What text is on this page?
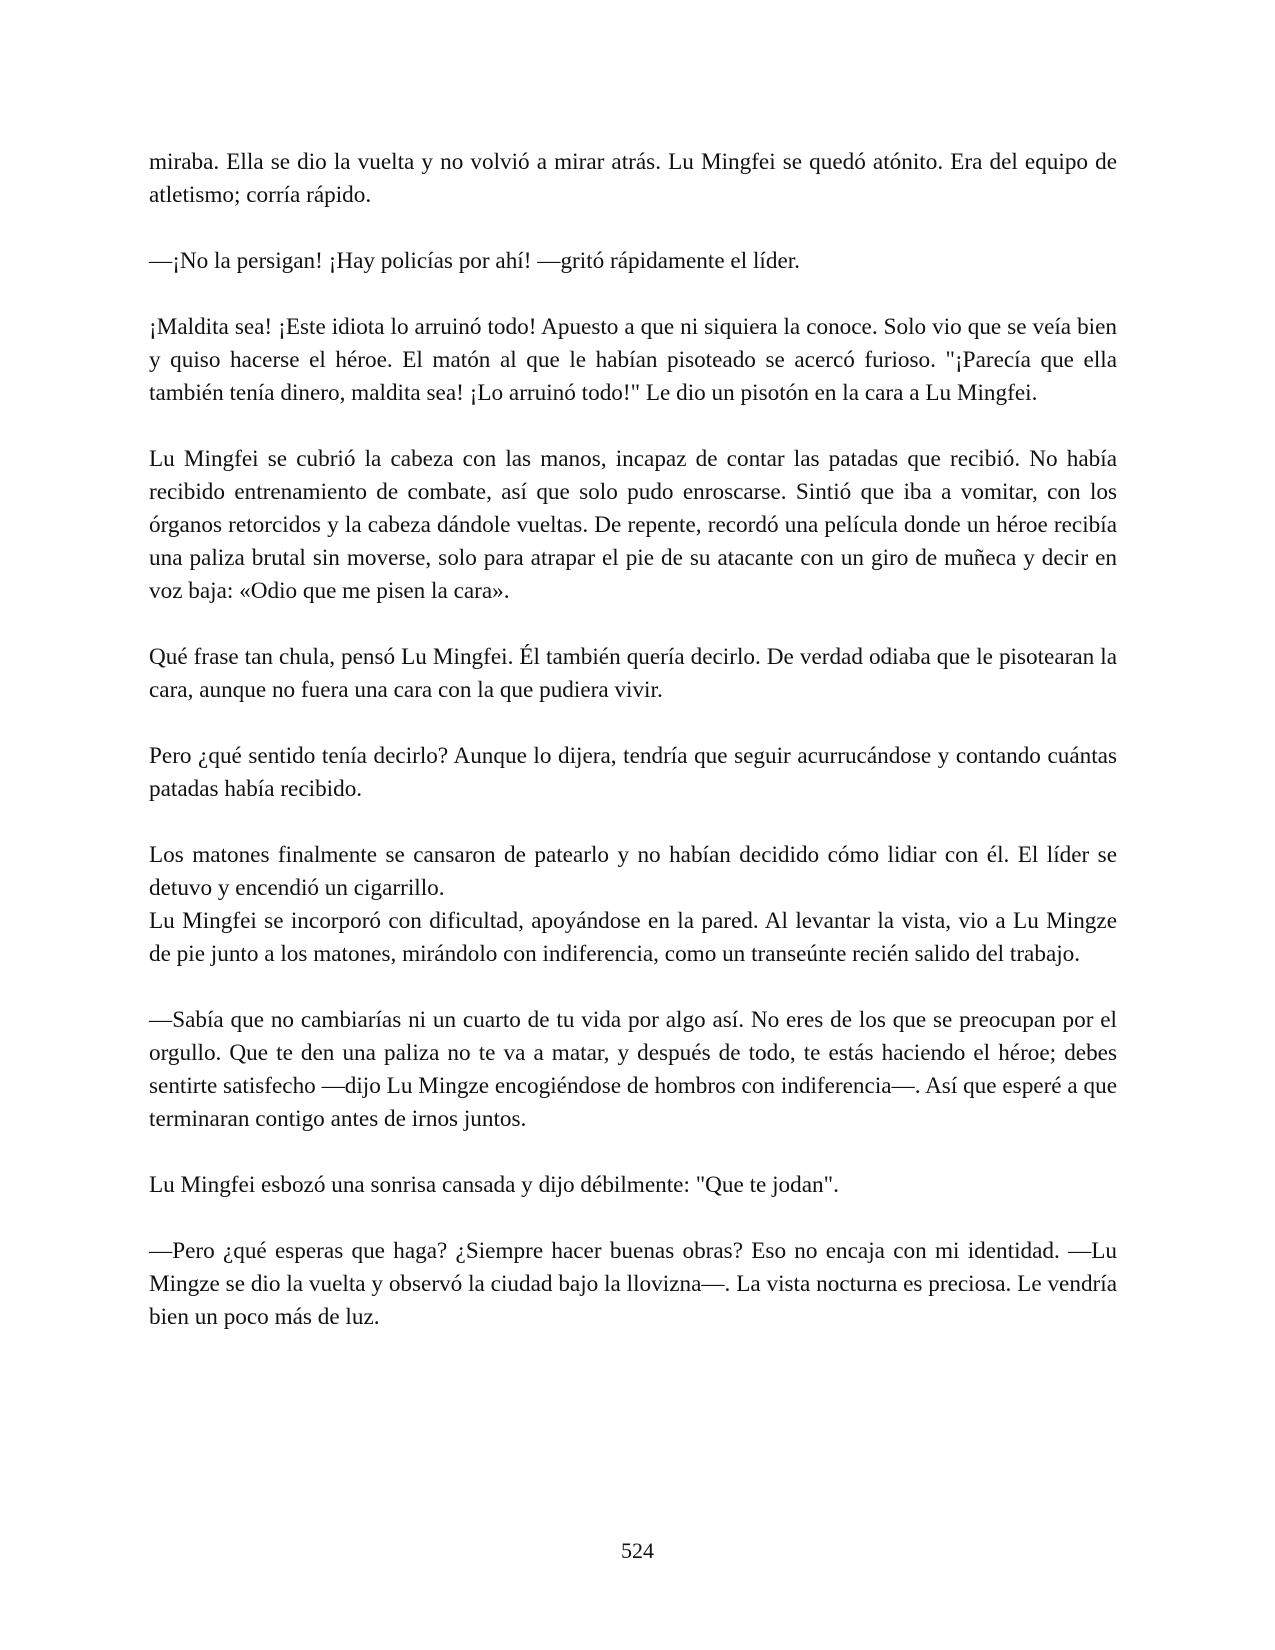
miraba. Ella se dio la vuelta y no volvió a mirar atrás. Lu Mingfei se quedó atónito. Era del equipo de atletismo; corría rápido.

—¡No la persigan! ¡Hay policías por ahí! —gritó rápidamente el líder.

¡Maldita sea! ¡Este idiota lo arruinó todo! Apuesto a que ni siquiera la conoce. Solo vio que se veía bien y quiso hacerse el héroe. El matón al que le habían pisoteado se acercó furioso. "¡Parecía que ella también tenía dinero, maldita sea! ¡Lo arruinó todo!" Le dio un pisotón en la cara a Lu Mingfei.

Lu Mingfei se cubrió la cabeza con las manos, incapaz de contar las patadas que recibió. No había recibido entrenamiento de combate, así que solo pudo enroscarse. Sintió que iba a vomitar, con los órganos retorcidos y la cabeza dándole vueltas. De repente, recordó una película donde un héroe recibía una paliza brutal sin moverse, solo para atrapar el pie de su atacante con un giro de muñeca y decir en voz baja: «Odio que me pisen la cara».

Qué frase tan chula, pensó Lu Mingfei. Él también quería decirlo. De verdad odiaba que le pisotearan la cara, aunque no fuera una cara con la que pudiera vivir.

Pero ¿qué sentido tenía decirlo? Aunque lo dijera, tendría que seguir acurrucándose y contando cuántas patadas había recibido.

Los matones finalmente se cansaron de patearlo y no habían decidido cómo lidiar con él. El líder se detuvo y encendió un cigarrillo.

Lu Mingfei se incorporó con dificultad, apoyándose en la pared. Al levantar la vista, vio a Lu Mingze de pie junto a los matones, mirándolo con indiferencia, como un transeúnte recién salido del trabajo.

—Sabía que no cambiarías ni un cuarto de tu vida por algo así. No eres de los que se preocupan por el orgullo. Que te den una paliza no te va a matar, y después de todo, te estás haciendo el héroe; debes sentirte satisfecho —dijo Lu Mingze encogiéndose de hombros con indiferencia—. Así que esperé a que terminaran contigo antes de irnos juntos.

Lu Mingfei esbozó una sonrisa cansada y dijo débilmente: "Que te jodan".

—Pero ¿qué esperas que haga? ¿Siempre hacer buenas obras? Eso no encaja con mi identidad. —Lu Mingze se dio la vuelta y observó la ciudad bajo la llovizna—. La vista nocturna es preciosa. Le vendría bien un poco más de luz.

524
